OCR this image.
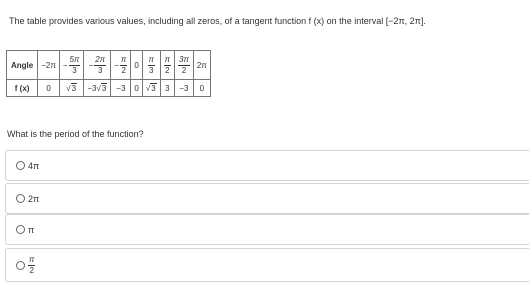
The table provides various values, including all zeros, of a tangent function f (x) on the interval [−2π, 2π].
Angle	−2π	− $\frac{5\pi}{3}$	− $\frac{2\pi}{3}$	− $\frac{\pi}{2}$	0	$\frac{\pi}{3}$	$\frac{\pi}{2}$	$\frac{3\pi}{2}$	2π
f (x)	0	√3	−3√3	−3	0	√3	3	−3	0
What is the period of the function?
4π
2π
π
$\frac{\pi}{2}$
